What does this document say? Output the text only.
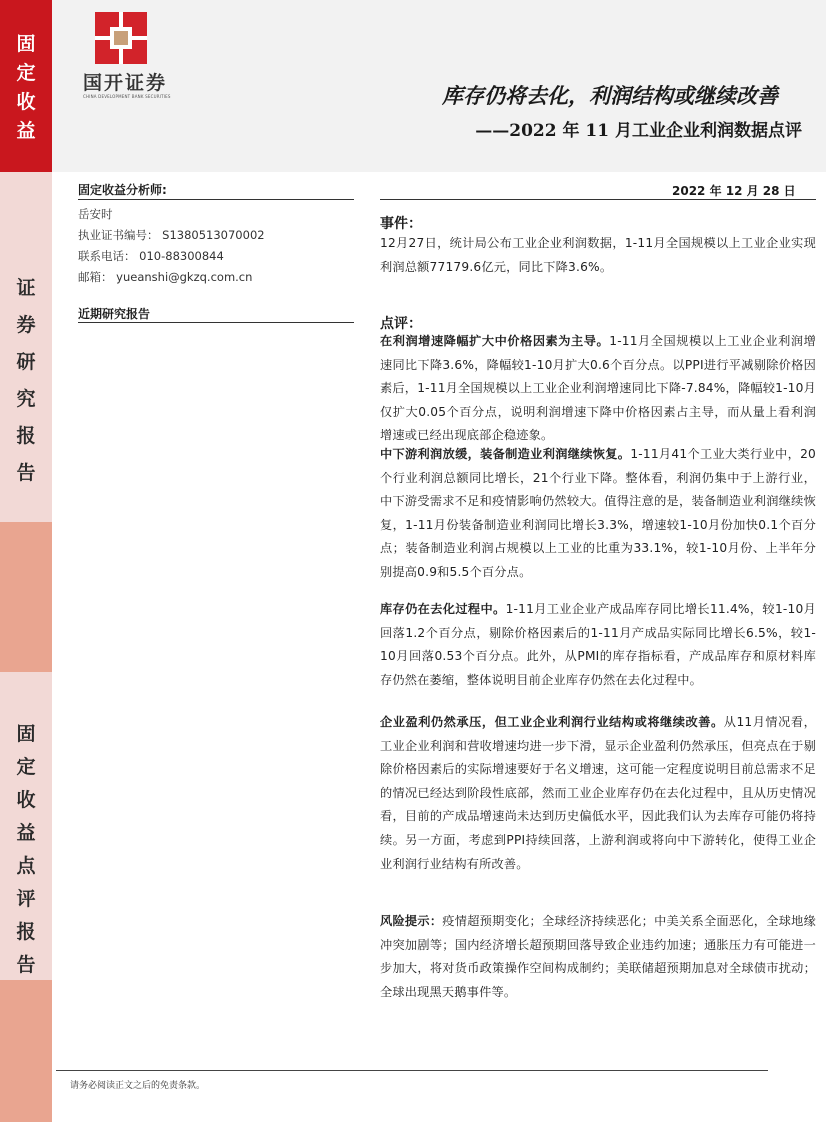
固
定
收
益
证
券
研
究
报
告
固
定
收
益
点
评
报
告
国开证券
CHINA DEVELOPMENT BANK SECURITIES	库存仍将去化，利润结构或继续改善
——2022 年 11 月工业企业利润数据点评
固定收益分析师:
岳安时
执业证书编号： S1380513070002
联系电话： 010-88300844
邮箱： yueanshi@gkzq.com.cn
近期研究报告
2022 年 12 月 28 日
事件：
12月27日，统计局公布工业企业利润数据，1-11月全国规模以上工业企业实现利润总额77179.6亿元，同比下降3.6%。
点评：
在利润增速降幅扩大中价格因素为主导。1-11月全国规模以上工业企业利润增速同比下降3.6%，降幅较1-10月扩大0.6个百分点。以PPI进行平减剔除价格因素后，1-11月全国规模以上工业企业利润增速同比下降-7.84%，降幅较1-10月仅扩大0.05个百分点，说明利润增速下降中价格因素占主导，而从量上看利润增速或已经出现底部企稳迹象。
中下游利润放缓，装备制造业利润继续恢复。1-11月41个工业大类行业中，20个行业利润总额同比增长，21个行业下降。整体看，利润仍集中于上游行业，中下游受需求不足和疫情影响仍然较大。值得注意的是，装备制造业利润继续恢复，1-11月份装备制造业利润同比增长3.3%，增速较1-10月份加快0.1个百分点；装备制造业利润占规模以上工业的比重为33.1%，较1-10月份、上半年分别提高0.9和5.5个百分点。
库存仍在去化过程中。1-11月工业企业产成品库存同比增长11.4%，较1-10月回落1.2个百分点，剔除价格因素后的1-11月产成品实际同比增长6.5%，较1-10月回落0.53个百分点。此外，从PMI的库存指标看，产成品库存和原材料库存仍然在萎缩，整体说明目前企业库存仍然在去化过程中。
企业盈利仍然承压，但工业企业利润行业结构或将继续改善。从11月情况看，工业企业利润和营收增速均进一步下滑，显示企业盈利仍然承压，但亮点在于剔除价格因素后的实际增速要好于名义增速，这可能一定程度说明目前总需求不足的情况已经达到阶段性底部，然而工业企业库存仍在去化过程中，且从历史情况看，目前的产成品增速尚未达到历史偏低水平，因此我们认为去库存可能仍将持续。另一方面，考虑到PPI持续回落，上游利润或将向中下游转化，使得工业企业利润行业结构有所改善。
风险提示：疫情超预期变化；全球经济持续恶化；中美关系全面恶化，全球地缘冲突加剧等；国内经济增长超预期回落导致企业违约加速；通胀压力有可能进一步加大，将对货币政策操作空间构成制约；美联储超预期加息对全球债市扰动；全球出现黑天鹅事件等。
请务必阅读正文之后的免责条款。
